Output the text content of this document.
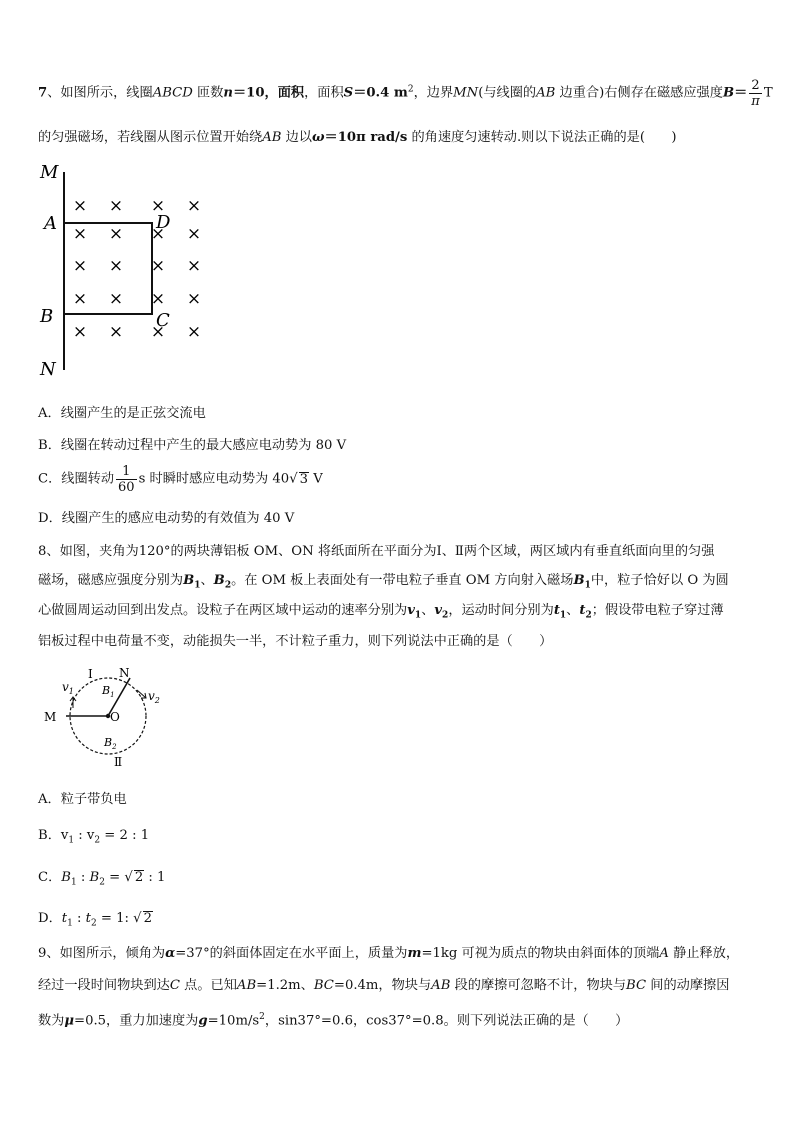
的匀强磁场，若线圈从图示位置开始绕AB 边以ω＝10π rad/s 的角速度匀速转动.则以下说法正确的是(　　)
M
A	D
B	C
N
× × × ×
× × × ×
× × × ×
× × × ×
× × × ×
A．线圈产生的是正弦交流电
B．线圈在转动过程中产生的最大感应电动势为 80 V
C．线圈转动 $\frac{1}{60}$ s 时瞬时感应电动势为 40√ 3 V
D．线圈产生的感应电动势的有效值为 40 V
8、如图，夹角为120°的两块薄铝板 OM、ON 将纸面所在平面分为Ⅰ、Ⅱ两个区域，两区域内有垂直纸面向里的匀强
磁场，磁感应强度分别为$B_1$、$B_2$。在 OM 板上表面处有一带电粒子垂直 OM 方向射入磁场$B_1$中，粒子恰好以 O 为圆
心做圆周运动回到出发点。设粒子在两区域中运动的速率分别为$v_1$、$v_2$，运动时间分别为$t_1$、$t_2$；假设带电粒子穿过薄
铝板过程中电荷量不变，动能损失一半，不计粒子重力，则下列说法中正确的是（　　）
Ⅰ N
$v_1$	$B_1$	$v_2$
M	O
$B_2$
Ⅱ
A．粒子带负电
B．$v_1$ : $v_2 = 2$ : 1
C．$B_1$ : $B_2$ = √ 2 : 1
D．$t_1$ : $t_2 = 1$: √ 2
9、如图所示，倾角为α=37°的斜面体固定在水平面上，质量为m=1kg 可视为质点的物块由斜面体的顶端A 静止释放，
经过一段时间物块到达C 点。已知AB=1.2m、BC=0.4m，物块与AB 段的摩擦可忽略不计，物块与BC 间的动摩擦因
数为μ=0.5，重力加速度为$g=10m/s^2$，sin37°=0.6，cos37°=0.8。则下列说法正确的是（　　）
7、如图所示，线圈ABCD 匝数n＝10，面积，面积S＝0.4 $m^2$，边界MN(与线圈的AB 边重合)右侧存在磁感应强度$B= \frac{2}{\pi}$ T
